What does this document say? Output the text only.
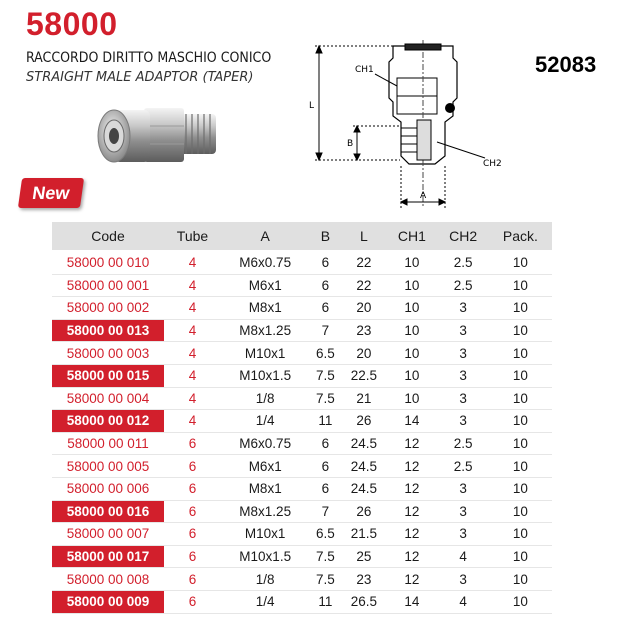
58000
RACCORDO DIRITTO MASCHIO CONICO
STRAIGHT MALE ADAPTOR (TAPER)
52083
New
CH1
CH2
L
B
A
Code	Tube	A	B	L	CH1	CH2	Pack.
58000 00 010	4	M6x0.75	6	22	10	2.5	10
58000 00 001	4	M6x1	6	22	10	2.5	10
58000 00 002	4	M8x1	6	20	10	3	10
58000 00 013	4	M8x1.25	7	23	10	3	10
58000 00 003	4	M10x1	6.5	20	10	3	10
58000 00 015	4	M10x1.5	7.5	22.5	10	3	10
58000 00 004	4	1/8	7.5	21	10	3	10
58000 00 012	4	1/4	11	26	14	3	10
58000 00 011	6	M6x0.75	6	24.5	12	2.5	10
58000 00 005	6	M6x1	6	24.5	12	2.5	10
58000 00 006	6	M8x1	6	24.5	12	3	10
58000 00 016	6	M8x1.25	7	26	12	3	10
58000 00 007	6	M10x1	6.5	21.5	12	3	10
58000 00 017	6	M10x1.5	7.5	25	12	4	10
58000 00 008	6	1/8	7.5	23	12	3	10
58000 00 009	6	1/4	11	26.5	14	4	10
